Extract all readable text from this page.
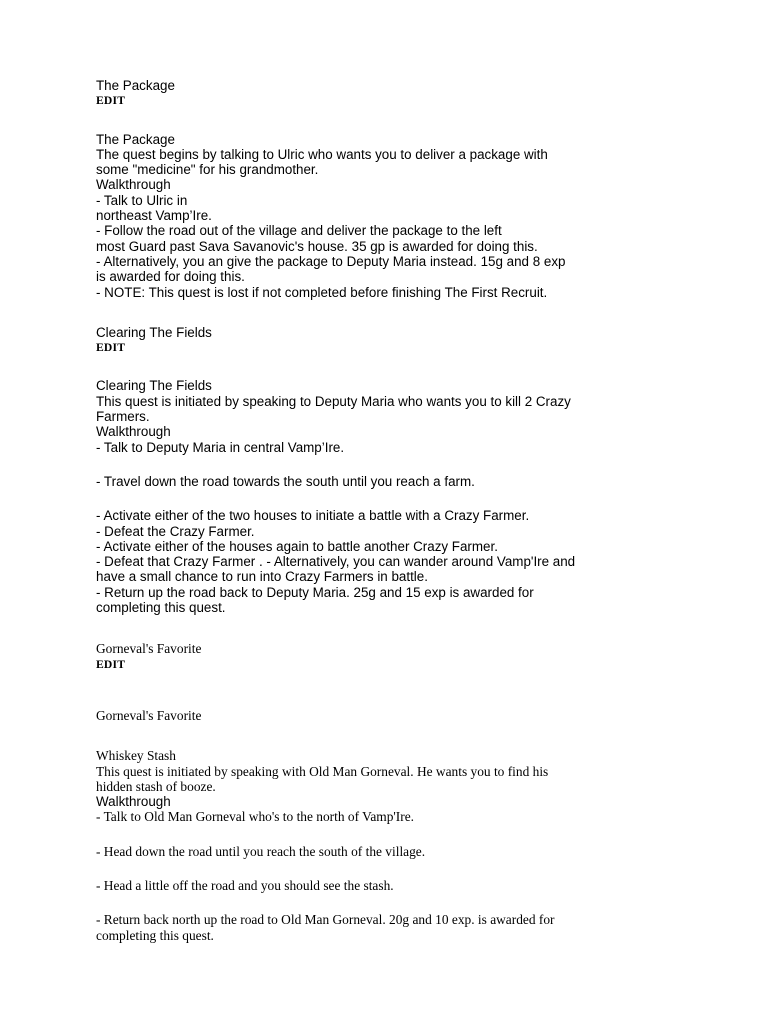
The Package
EDIT
The Package
The quest begins by talking to Ulric who wants you to deliver a package with
some "medicine" for his grandmother.
Walkthrough
- Talk to Ulric in
northeast Vamp’Ire.
- Follow the road out of the village and deliver the package to the left
most Guard past Sava Savanovic's house. 35 gp is awarded for doing this.
- Alternatively, you an give the package to Deputy Maria instead. 15g and 8 exp
is awarded for doing this.
- NOTE: This quest is lost if not completed before finishing The First Recruit.
Clearing The Fields
EDIT
Clearing The Fields
This quest is initiated by speaking to Deputy Maria who wants you to kill 2 Crazy
Farmers.
Walkthrough
- Talk to Deputy Maria in central Vamp’Ire.
- Travel down the road towards the south until you reach a farm.
- Activate either of the two houses to initiate a battle with a Crazy Farmer.
- Defeat the Crazy Farmer.
- Activate either of the houses again to battle another Crazy Farmer.
- Defeat that Crazy Farmer . - Alternatively, you can wander around Vamp'Ire and
have a small chance to run into Crazy Farmers in battle.
- Return up the road back to Deputy Maria. 25g and 15 exp is awarded for
completing this quest.
Gorneval's Favorite
EDIT
Gorneval's Favorite
Whiskey Stash
This quest is initiated by speaking with Old Man Gorneval. He wants you to find his
hidden stash of booze.
Walkthrough
- Talk to Old Man Gorneval who's to the north of Vamp'Ire.
- Head down the road until you reach the south of the village.
- Head a little off the road and you should see the stash.
- Return back north up the road to Old Man Gorneval. 20g and 10 exp. is awarded for
completing this quest.
